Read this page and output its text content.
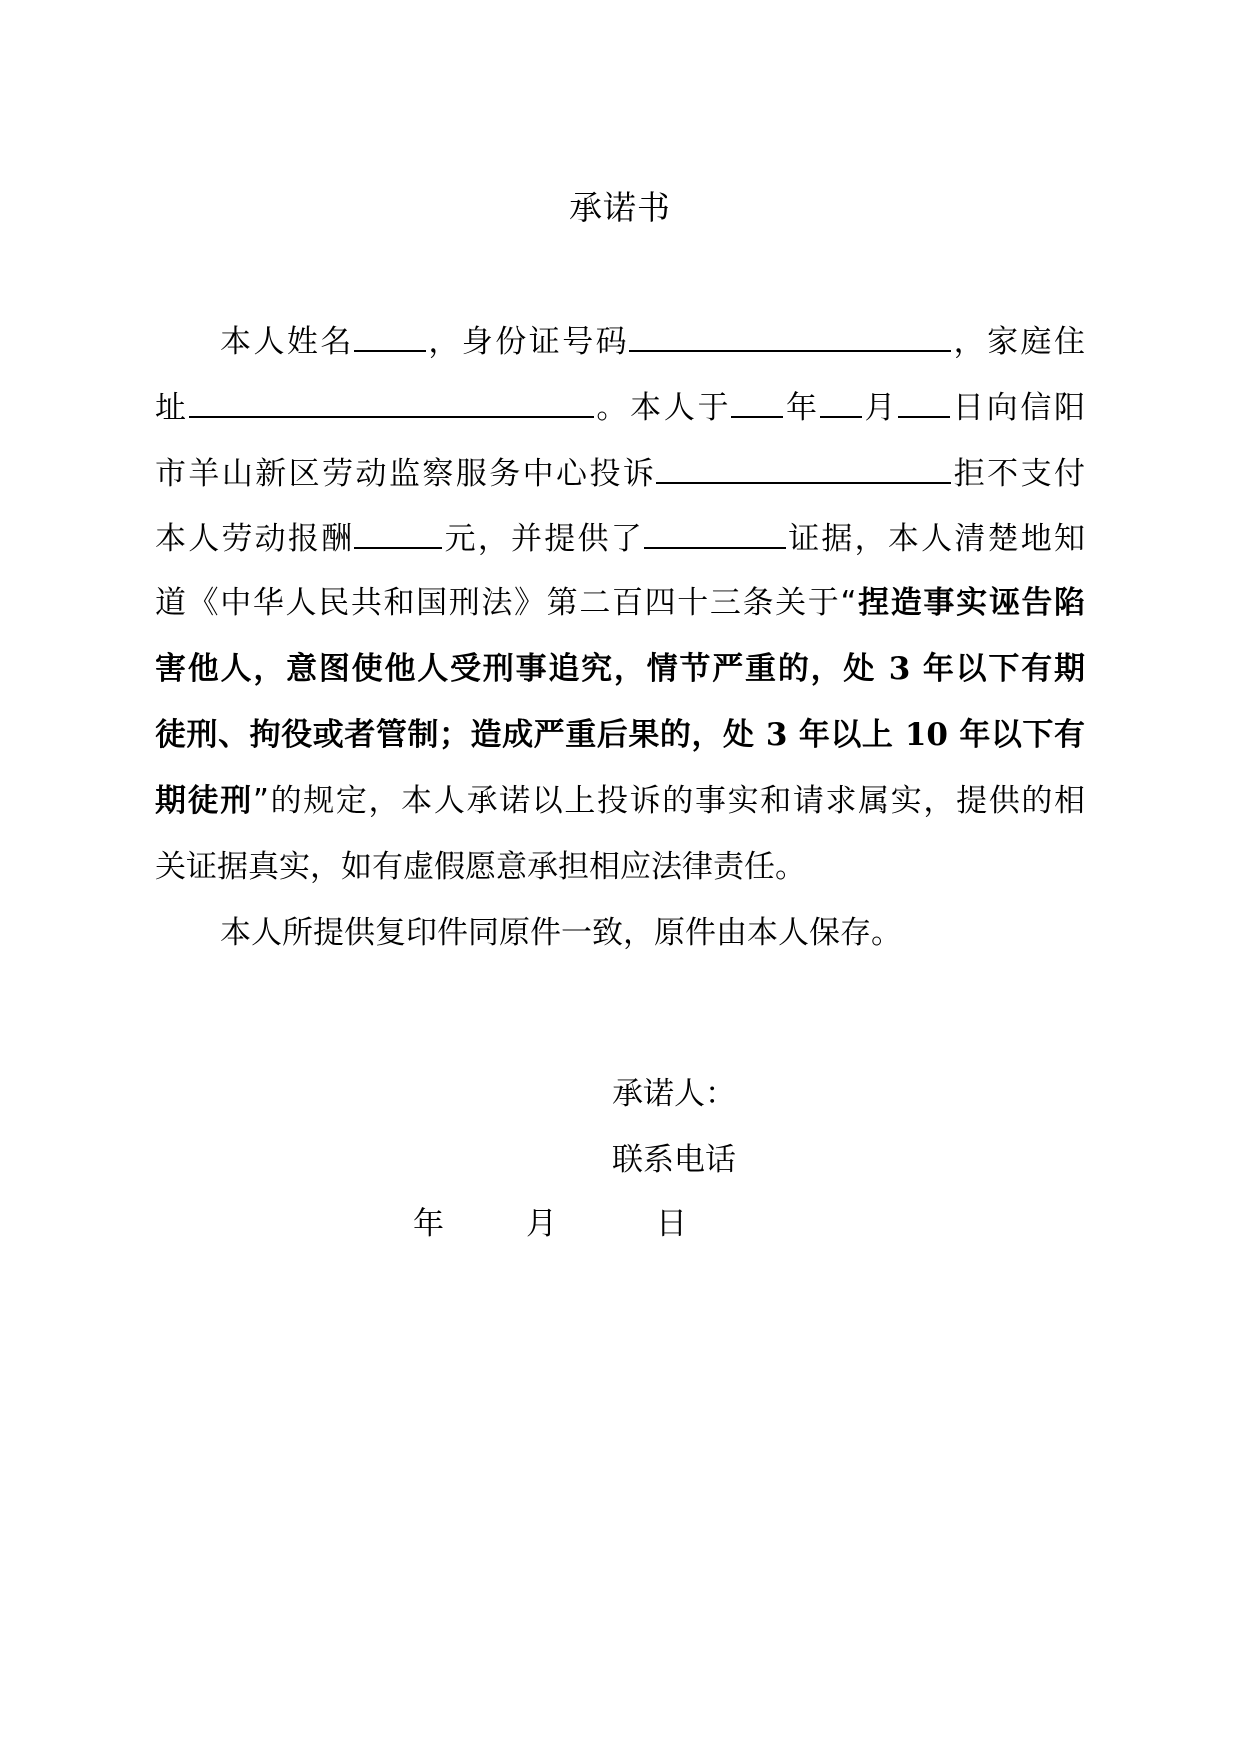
承诺书
本人姓名 ，身份证号码	，家庭住
址	。本人于 年 月 日向信阳
市羊山新区劳动监察服务中心投诉	拒不支付
本人劳动报酬	元，并提供了	证据，本人清楚地知
道《中华人民共和国刑法》第二百四十三条关于“捏造事实诬告陷
害他人，意图使他人受刑事追究，情节严重的，处 3 年以下有期
徒刑、拘役或者管制；造成严重后果的，处 3 年以上 10 年以下有
期徒刑”的规定，本人承诺以上投诉的事实和请求属实，提供的相
关证据真实，如有虚假愿意承担相应法律责任。
本人所提供复印件同原件一致，原件由本人保存。
承诺人：
联系电话
年	月	日
